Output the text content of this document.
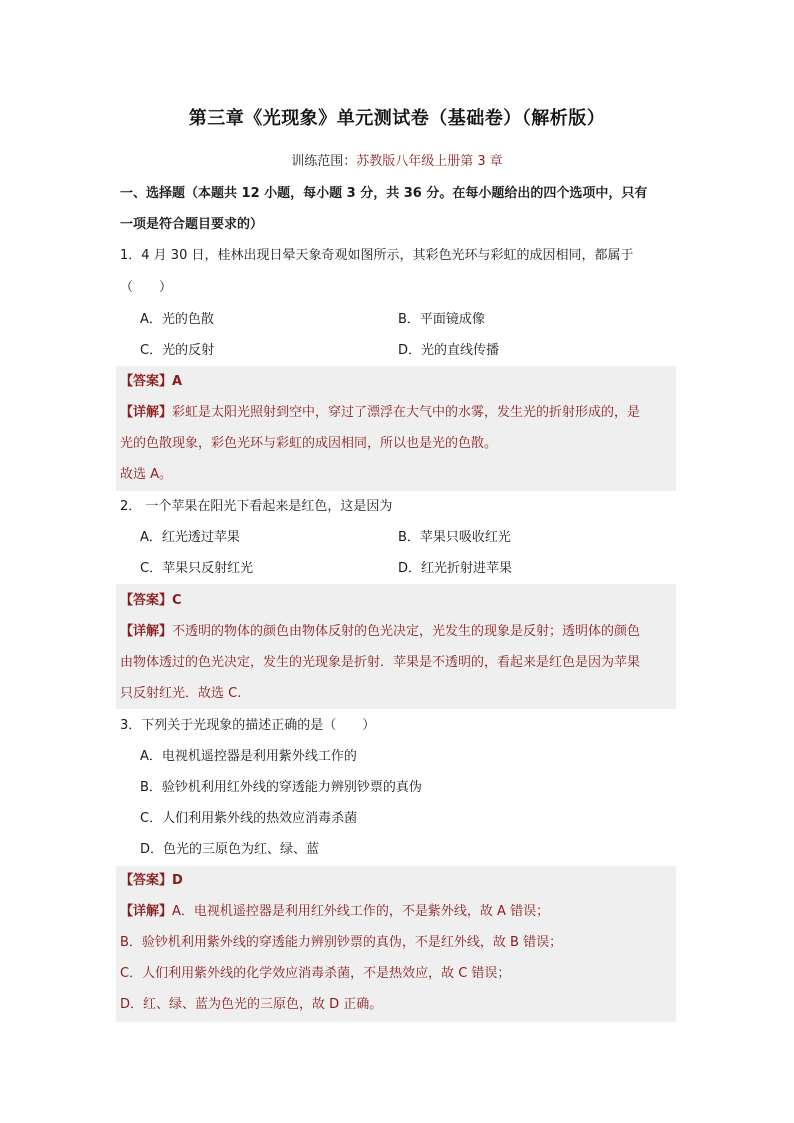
第三章《光现象》单元测试卷（基础卷）（解析版）
训练范围：苏教版八年级上册第 3 章
一、选择题（本题共 12 小题，每小题 3 分，共 36 分。在每小题给出的四个选项中，只有
一项是符合题目要求的）
1．4 月 30 日，桂林出现日晕天象奇观如图所示，其彩色光环与彩虹的成因相同，都属于
（　　）
A．光的色散	B．平面镜成像
C．光的反射	D．光的直线传播
【答案】A
【详解】彩虹是太阳光照射到空中，穿过了漂浮在大气中的水雾，发生光的折射形成的，是
光的色散现象，彩色光环与彩虹的成因相同，所以也是光的色散。
故选 A。
2． 一个苹果在阳光下看起来是红色，这是因为
A．红光透过苹果	B．苹果只吸收红光
C．苹果只反射红光	D．红光折射进苹果
【答案】C
【详解】不透明的物体的颜色由物体反射的色光决定，光发生的现象是反射；透明体的颜色
由物体透过的色光决定，发生的光现象是折射．苹果是不透明的，看起来是红色是因为苹果
只反射红光．故选 C.
3．下列关于光现象的描述正确的是（　　）
A．电视机遥控器是利用紫外线工作的
B．验钞机利用红外线的穿透能力辨别钞票的真伪
C．人们利用紫外线的热效应消毒杀菌
D．色光的三原色为红、绿、蓝
【答案】D
【详解】A．电视机遥控器是利用红外线工作的，不是紫外线，故 A 错误；
B．验钞机利用紫外线的穿透能力辨别钞票的真伪，不是红外线，故 B 错误；
C．人们利用紫外线的化学效应消毒杀菌，不是热效应，故 C 错误；
D．红、绿、蓝为色光的三原色，故 D 正确。
